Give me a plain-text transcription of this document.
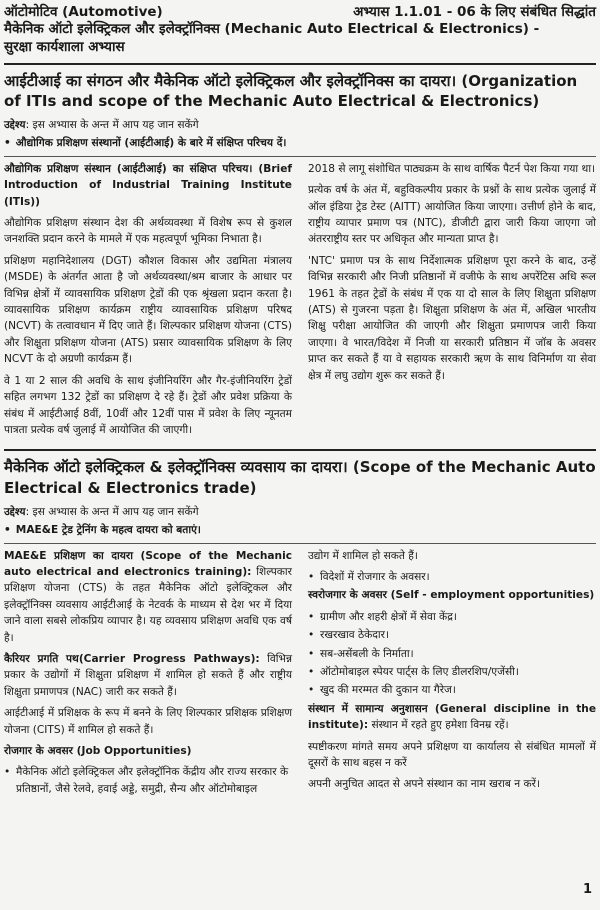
ऑटोमोटिव (Automotive)	अभ्यास 1.1.01 - 06 के लिए संबंधित सिद्धांत
मैकेनिक ऑटो इलेक्ट्रिकल और इलेक्ट्रॉनिक्स (Mechanic Auto Electrical & Electronics) -
सुरक्षा कार्यशाला अभ्यास
आईटीआई का संगठन और मैकेनिक ऑटो इलेक्ट्रिकल और इलेक्ट्रॉनिक्स का दायरा। (Organization of ITIs and scope of the Mechanic Auto Electrical & Electronics)
उद्देश्य: इस अभ्यास के अन्त में आप यह जान सकेंगे
• औद्योगिक प्रशिक्षण संस्थानों (आईटीआई) के बारे में संक्षिप्त परिचय दें।

औद्योगिक प्रशिक्षण संस्थान (आईटीआई) का संक्षिप्त परिचय। (Brief Introduction of Industrial Training Institute (ITIs))

औद्योगिक प्रशिक्षण संस्थान देश की अर्थव्यवस्था में विशेष रूप से कुशल जनशक्ति प्रदान करने के मामले में एक महत्वपूर्ण भूमिका निभाता है।

प्रशिक्षण महानिदेशालय (DGT) कौशल विकास और उद्यमिता मंत्रालय (MSDE) के अंतर्गत आता है जो अर्थव्यवस्था/श्रम बाजार के आधार पर विभिन्न क्षेत्रों में व्यावसायिक प्रशिक्षण ट्रेडों की एक श्रृंखला प्रदान करता है। व्यावसायिक प्रशिक्षण कार्यक्रम राष्ट्रीय व्यावसायिक प्रशिक्षण परिषद (NCVT) के तत्वावधान में दिए जाते हैं। शिल्पकार प्रशिक्षण योजना (CTS) और शिक्षुता प्रशिक्षण योजना (ATS) प्रसार व्यावसायिक प्रशिक्षण के लिए NCVT के दो अग्रणी कार्यक्रम हैं।

वे 1 या 2 साल की अवधि के साथ इंजीनियरिंग और गैर-इंजीनियरिंग ट्रेडों सहित लगभग 132 ट्रेडों का प्रशिक्षण दे रहे हैं। ट्रेडों और प्रवेश प्रक्रिया के संबंध में आईटीआई 8वीं, 10वीं और 12वीं पास में प्रवेश के लिए न्यूनतम पात्रता प्रत्येक वर्ष जुलाई में आयोजित की जाएगी।

2018 से लागू संशोधित पाठ्यक्रम के साथ वार्षिक पैटर्न पेश किया गया था।

प्रत्येक वर्ष के अंत में, बहुविकल्पीय प्रकार के प्रश्नों के साथ प्रत्येक जुलाई में ऑल इंडिया ट्रेड टेस्ट (AITT) आयोजित किया जाएगा। उत्तीर्ण होने के बाद, राष्ट्रीय व्यापार प्रमाण पत्र (NTC), डीजीटी द्वारा जारी किया जाएगा जो अंतरराष्ट्रीय स्तर पर अधिकृत और मान्यता प्राप्त है।

'NTC' प्रमाण पत्र के साथ निर्देशात्मक प्रशिक्षण पूरा करने के बाद, उन्हें विभिन्न सरकारी और निजी प्रतिष्ठानों में वजीफे के साथ अपरेंटिस अधि रूल 1961 के तहत ट्रेडों के संबंध में एक या दो साल के लिए शिक्षुता प्रशिक्षण (ATS) से गुजरना पड़ता है। शिक्षुता प्रशिक्षण के अंत में, अखिल भारतीय शिक्षु परीक्षा आयोजित की जाएगी और शिक्षुता प्रमाणपत्र जारी किया जाएगा। वे भारत/विदेश में निजी या सरकारी प्रतिष्ठान में जॉब के अवसर प्राप्त कर सकते हैं या वे सहायक सरकारी ऋण के साथ विनिर्माण या सेवा क्षेत्र में लघु उद्योग शुरू कर सकते हैं।

मैकेनिक ऑटो इलेक्ट्रिकल & इलेक्ट्रॉनिक्स व्यवसाय का दायरा। (Scope of the Mechanic Auto Electrical & Electronics trade)
उद्देश्य: इस अभ्यास के अन्त में आप यह जान सकेंगे
• MAE&E ट्रेड ट्रेनिंग के महत्व दायरा को बताएं।

MAE&E प्रशिक्षण का दायरा (Scope of the Mechanic auto electrical and electronics training): शिल्पकार प्रशिक्षण योजना (CTS) के तहत मैकेनिक ऑटो इलेक्ट्रिकल और इलेक्ट्रॉनिक्स व्यवसाय आईटीआई के नेटवर्क के माध्यम से देश भर में दिया जाने वाला सबसे लोकप्रिय व्यापार है। यह व्यवसाय प्रशिक्षण अवधि एक वर्ष है।

कैरियर प्रगति पथ(Carrier Progress Pathways): विभिन्न प्रकार के उद्योगों में शिक्षुता प्रशिक्षण में शामिल हो सकते हैं और राष्ट्रीय शिक्षुता प्रमाणपत्र (NAC) जारी कर सकते हैं।

आईटीआई में प्रशिक्षक के रूप में बनने के लिए शिल्पकार प्रशिक्षक प्रशिक्षण योजना (CITS) में शामिल हो सकते हैं।

रोजगार के अवसर (Job Opportunities)

• मैकेनिक ऑटो इलेक्ट्रिकल और इलेक्ट्रॉनिक केंद्रीय और राज्य सरकार के प्रतिष्ठानों, जैसे रेलवे, हवाई अड्डे, समुद्री, सैन्य और ऑटोमोबाइल

उद्योग में शामिल हो सकते हैं।

• विदेशों में रोजगार के अवसर।

स्वरोजगार के अवसर (Self - employment opportunities)

• ग्रामीण और शहरी क्षेत्रों में सेवा केंद्र।
• रखरखाव ठेकेदार।
• सब-असेंबली के निर्माता।
• ऑटोमोबाइल स्पेयर पार्ट्स के लिए डीलरशिप/एजेंसी।
• खुद की मरम्मत की दुकान या गैरेज।

संस्थान में सामान्य अनुशासन (General discipline in the institute): संस्थान में रहते हुए हमेशा विनम्र रहें।

स्पष्टीकरण मांगते समय अपने प्रशिक्षण या कार्यालय से संबंधित मामलों में दूसरों के साथ बहस न करें

अपनी अनुचित आदत से अपने संस्थान का नाम खराब न करें।

1
